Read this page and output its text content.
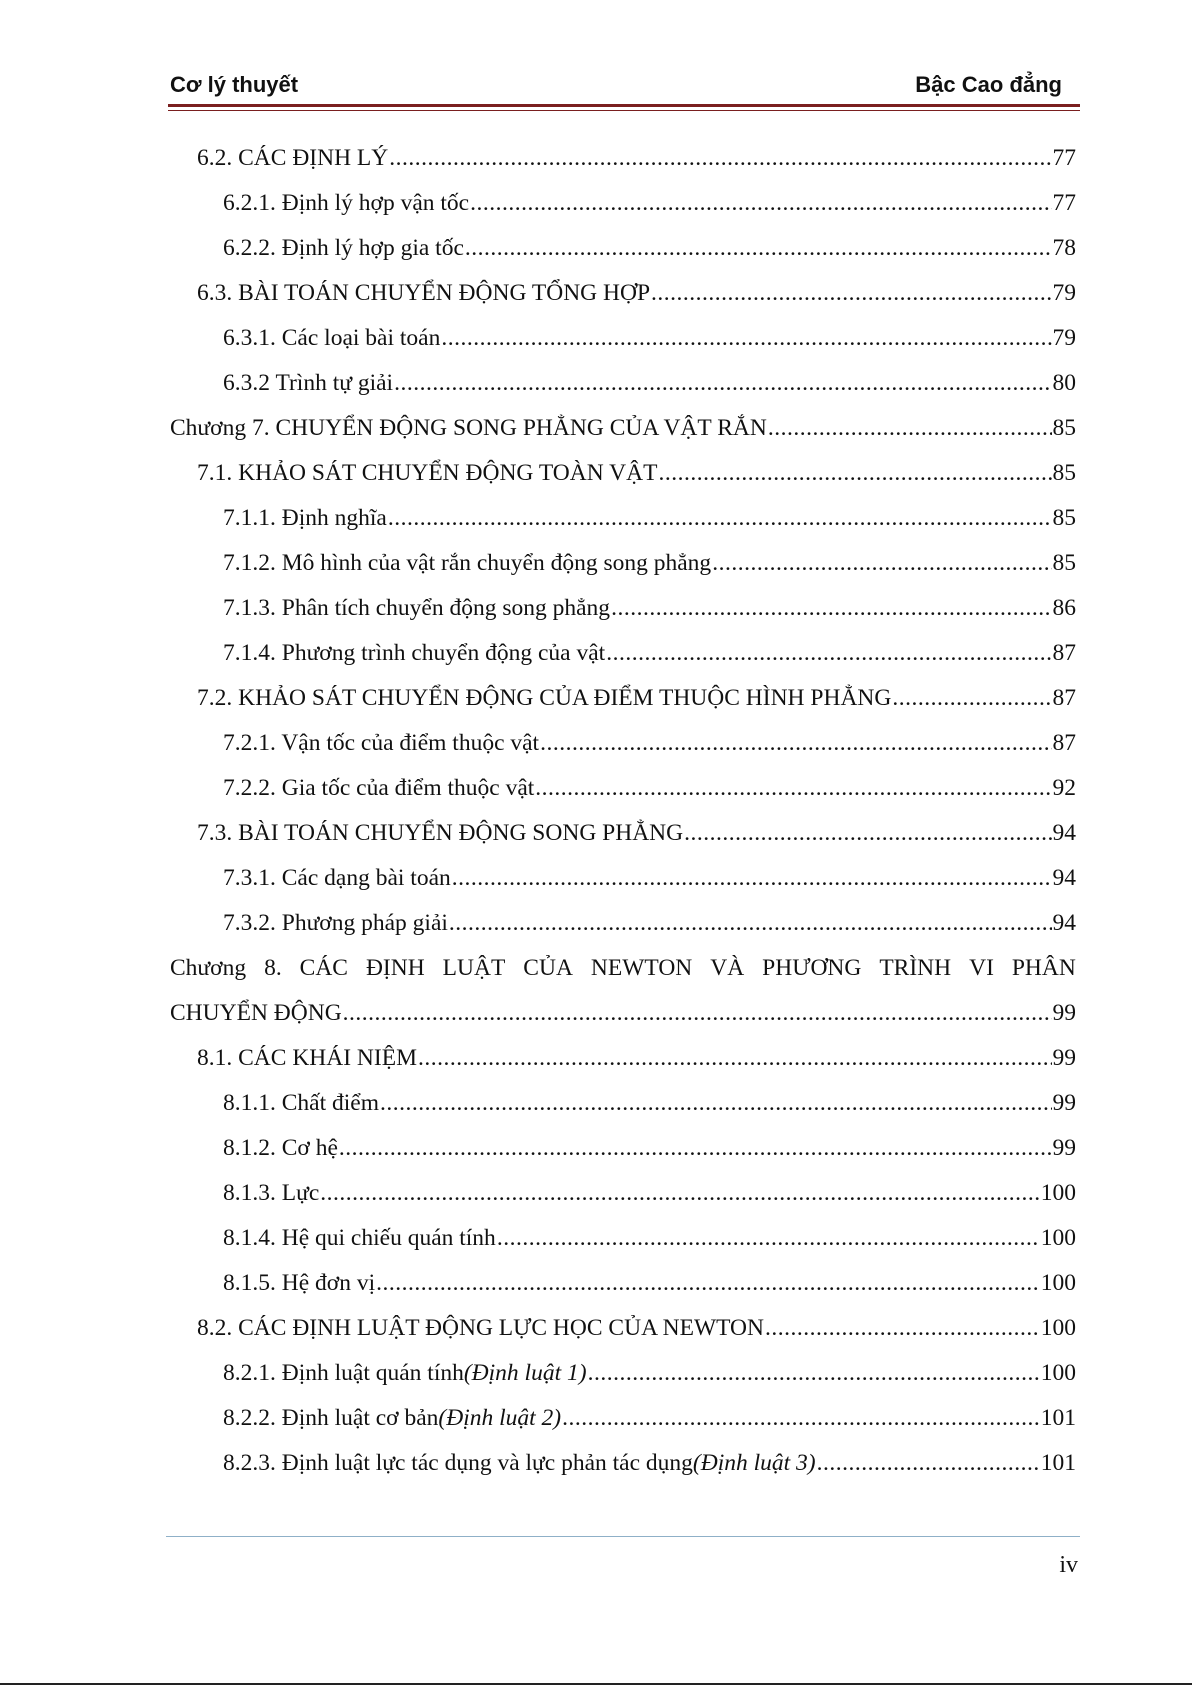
Cơ lý thuyết	Bậc Cao đẳng
6.2. CÁC ĐỊNH LÝ .....	77
6.2.1. Định lý hợp vận tốc .....	77
6.2.2. Định lý hợp gia tốc .....	78
6.3. BÀI TOÁN CHUYỂN ĐỘNG TỔNG HỢP .....	79
6.3.1. Các loại bài toán .....	79
6.3.2 Trình tự giải .....	80
Chương 7. CHUYỂN ĐỘNG SONG PHẲNG CỦA VẬT RẮN .....	85
7.1. KHẢO SÁT CHUYỂN ĐỘNG TOÀN VẬT .....	85
7.1.1. Định nghĩa .....	85
7.1.2. Mô hình của vật rắn chuyển động song phẳng .....	85
7.1.3. Phân tích chuyển động song phẳng .....	86
7.1.4. Phương trình chuyển động của vật .....	87
7.2. KHẢO SÁT CHUYỂN ĐỘNG CỦA ĐIỂM THUỘC HÌNH PHẲNG .....	87
7.2.1. Vận tốc của điểm thuộc vật .....	87
7.2.2. Gia tốc của điểm thuộc vật .....	92
7.3. BÀI TOÁN CHUYỂN ĐỘNG SONG PHẲNG .....	94
7.3.1. Các dạng bài toán .....	94
7.3.2. Phương pháp giải .....	94
Chương 8. CÁC ĐỊNH LUẬT CỦA NEWTON VÀ PHƯƠNG TRÌNH VI PHÂN
CHUYỂN ĐỘNG .....	99
8.1. CÁC KHÁI NIỆM .....	99
8.1.1. Chất điểm .....	99
8.1.2. Cơ hệ .....	99
8.1.3. Lực .....	100
8.1.4. Hệ qui chiếu quán tính .....	100
8.1.5. Hệ đơn vị .....	100
8.2. CÁC ĐỊNH LUẬT ĐỘNG LỰC HỌC CỦA NEWTON .....	100
8.2.1. Định luật quán tính (Định luật 1) .....	100
8.2.2. Định luật cơ bản (Định luật 2) .....	101
8.2.3. Định luật lực tác dụng và lực phản tác dụng (Định luật 3) .....	101
iv
